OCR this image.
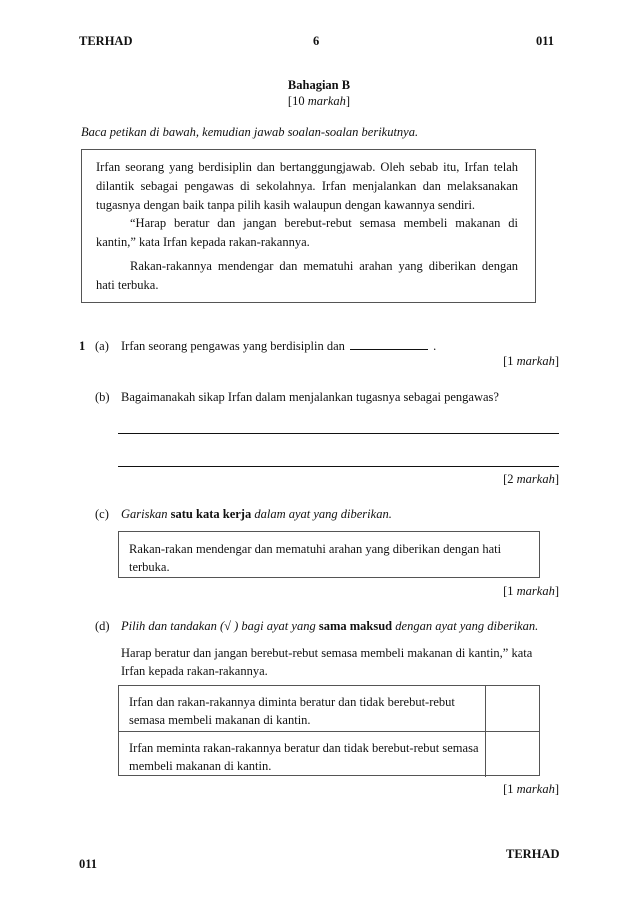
TERHAD	6	011
Bahagian B
[10 markah]
Baca petikan di bawah, kemudian jawab soalan-soalan berikutnya.
Irfan seorang yang berdisiplin dan bertanggungjawab. Oleh sebab itu, Irfan telah dilantik sebagai pengawas di sekolahnya. Irfan menjalankan dan melaksanakan tugasnya dengan baik tanpa pilih kasih walaupun dengan kawannya sendiri.
“Harap beratur dan jangan berebut-rebut semasa membeli makanan di kantin,” kata Irfan kepada rakan-rakannya.
Rakan-rakannya mendengar dan mematuhi arahan yang diberikan dengan hati terbuka.
1 (a) Irfan seorang pengawas yang berdisiplin dan	.
[1 markah]
(b) Bagaimanakah sikap Irfan dalam menjalankan tugasnya sebagai pengawas?
[2 markah]
(c) Gariskan satu kata kerja dalam ayat yang diberikan.
Rakan-rakan mendengar dan mematuhi arahan yang diberikan dengan hati terbuka.
[1 markah]
(d) Pilih dan tandakan (√ ) bagi ayat yang sama maksud dengan ayat yang diberikan.
Harap beratur dan jangan berebut-rebut semasa membeli makanan di kantin,” kata Irfan kepada rakan-rakannya.
Irfan dan rakan-rakannya diminta beratur dan tidak berebut-rebut semasa membeli makanan di kantin.
Irfan meminta rakan-rakannya beratur dan tidak berebut-rebut semasa membeli makanan di kantin.
[1 markah]
TERHAD
011
